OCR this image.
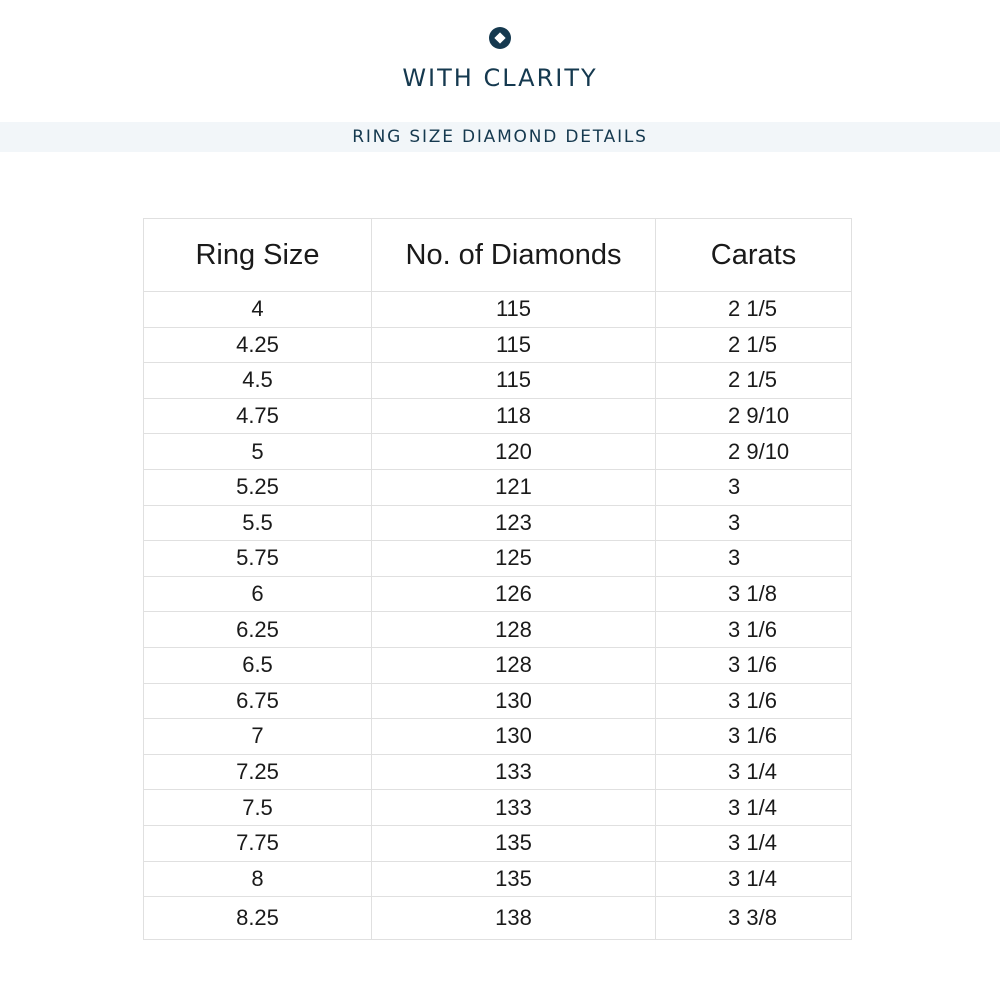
WITH CLARITY
RING SIZE DIAMOND DETAILS
Ring Size	No. of Diamonds	Carats
4	115	2 1/5
4.25	115	2 1/5
4.5	115	2 1/5
4.75	118	2 9/10
5	120	2 9/10
5.25	121	3
5.5	123	3
5.75	125	3
6	126	3 1/8
6.25	128	3 1/6
6.5	128	3 1/6
6.75	130	3 1/6
7	130	3 1/6
7.25	133	3 1/4
7.5	133	3 1/4
7.75	135	3 1/4
8	135	3 1/4
8.25	138	3 3/8
